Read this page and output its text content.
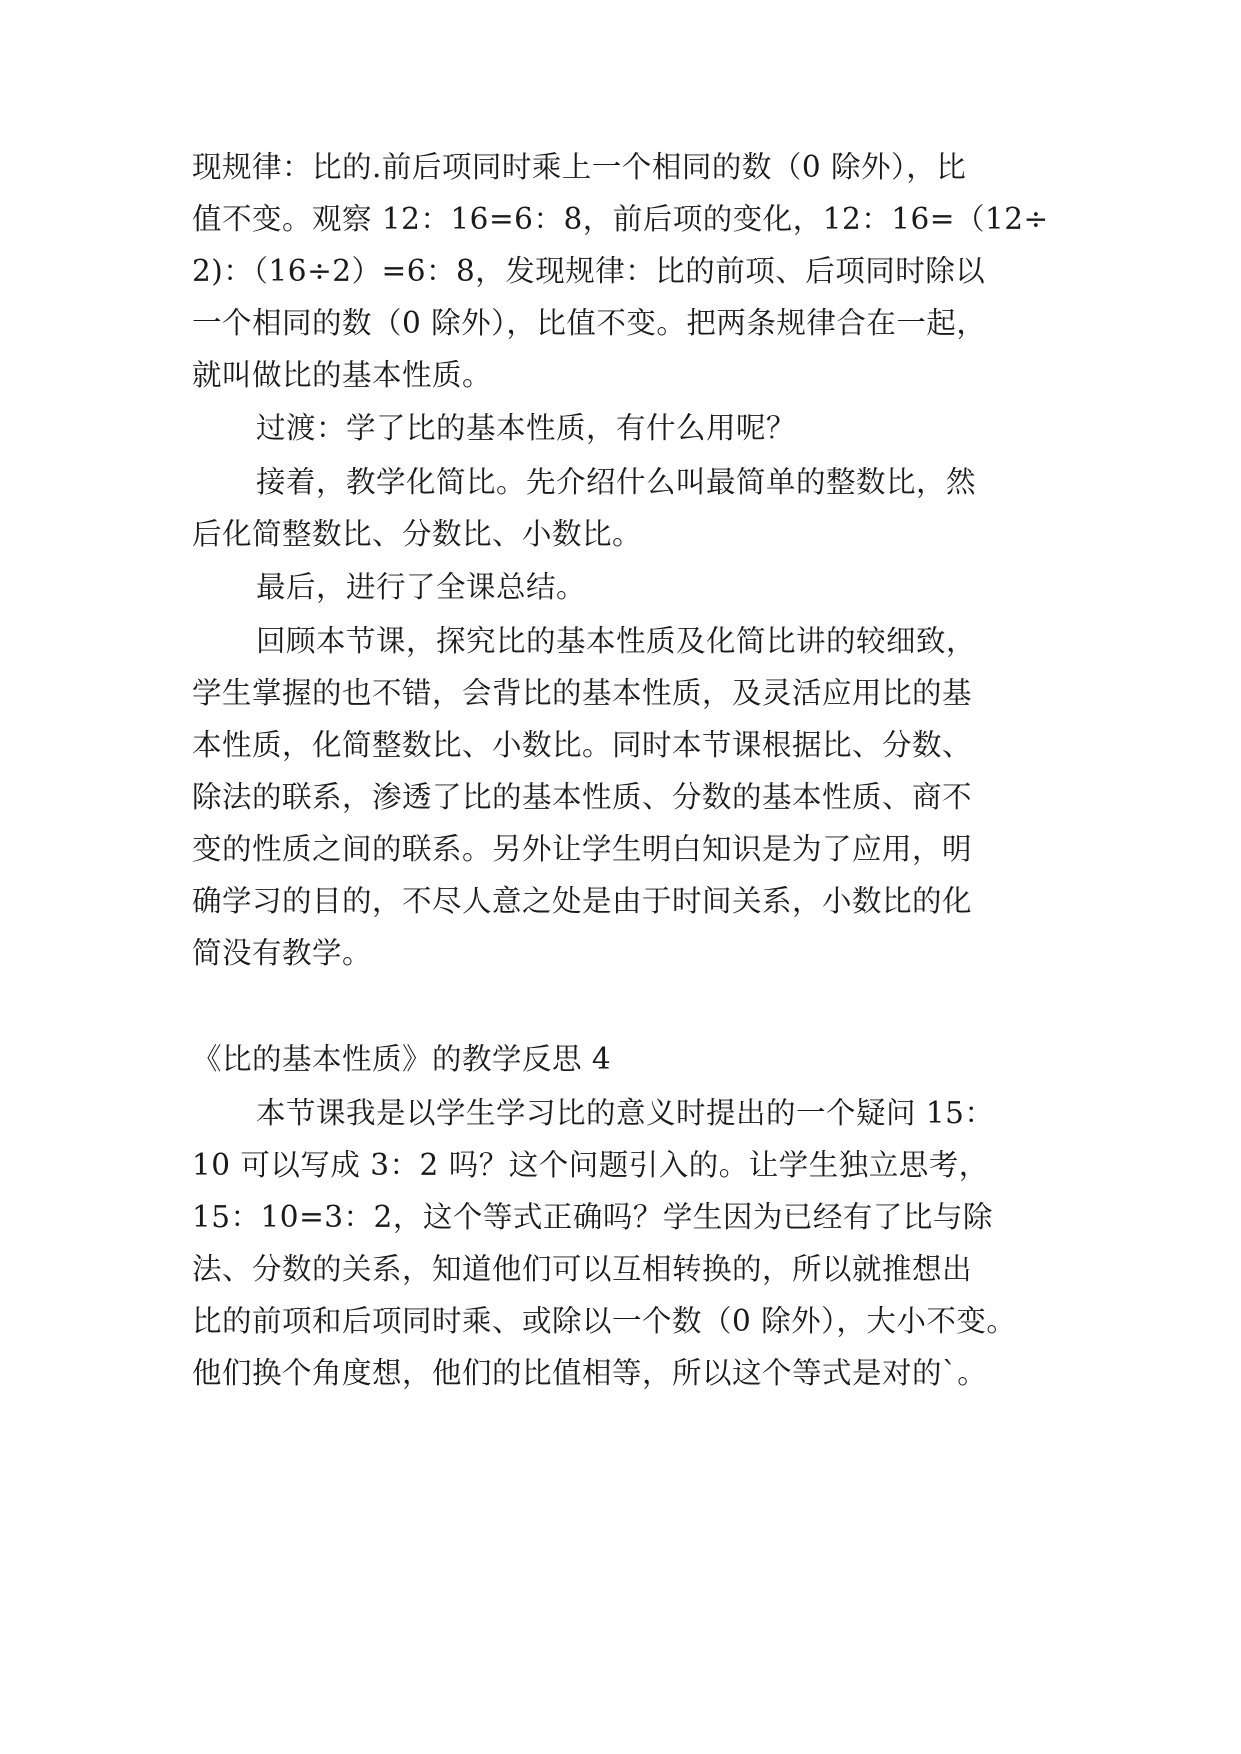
现规律：比的.前后项同时乘上一个相同的数（0 除外），比
值不变。观察 12：16=6：8，前后项的变化，12：16=（12÷
2)：（16÷2）=6：8，发现规律：比的前项、后项同时除以
一个相同的数（0 除外），比值不变。把两条规律合在一起，
就叫做比的基本性质。
过渡：学了比的基本性质，有什么用呢？
接着，教学化简比。先介绍什么叫最简单的整数比，然
后化简整数比、分数比、小数比。
最后，进行了全课总结。
回顾本节课，探究比的基本性质及化简比讲的较细致，
学生掌握的也不错，会背比的基本性质，及灵活应用比的基
本性质，化简整数比、小数比。同时本节课根据比、分数、
除法的联系，渗透了比的基本性质、分数的基本性质、商不
变的性质之间的联系。另外让学生明白知识是为了应用，明
确学习的目的，不尽人意之处是由于时间关系，小数比的化
简没有教学。
《比的基本性质》的教学反思 4
本节课我是以学生学习比的意义时提出的一个疑问 15：
10 可以写成 3：2 吗？这个问题引入的。让学生独立思考，
15：10=3：2，这个等式正确吗？学生因为已经有了比与除
法、分数的关系，知道他们可以互相转换的，所以就推想出
比的前项和后项同时乘、或除以一个数（0 除外），大小不变。
他们换个角度想，他们的比值相等，所以这个等式是对的`。
